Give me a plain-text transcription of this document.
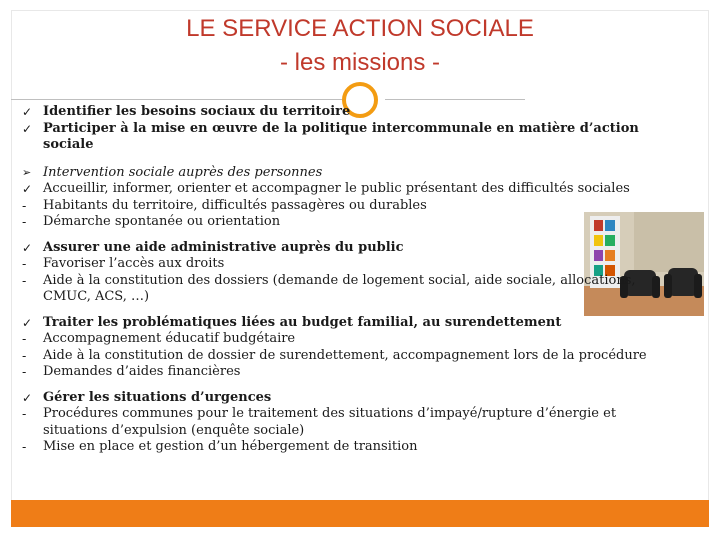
LE SERVICE ACTION SOCIALE
- les missions -
✓ Identifier les besoins sociaux du territoire
✓ Participer à la mise en œuvre de la politique intercommunale en matière d’action sociale
➢ Intervention sociale auprès des personnes
✓ Accueillir, informer, orienter et accompagner le public présentant des difficultés sociales
-	Habitants du territoire, difficultés passagères ou durables
-	Démarche spontanée ou orientation
✓ Assurer une aide administrative auprès du public
-	Favoriser l’accès aux droits
-	Aide à la constitution des dossiers (demande de logement social, aide sociale, allocations, CMUC, ACS, …)
✓ Traiter les problématiques liées au budget familial, au surendettement
-	Accompagnement éducatif budgétaire
-	Aide à la constitution de dossier de surendettement, accompagnement lors de la procédure
-	Demandes d’aides financières
✓ Gérer les situations d’urgences
-	Procédures communes pour le traitement des situations d’impayé/rupture d’énergie et situations d’expulsion (enquête sociale)
-	Mise en place et gestion d’un hébergement de transition
